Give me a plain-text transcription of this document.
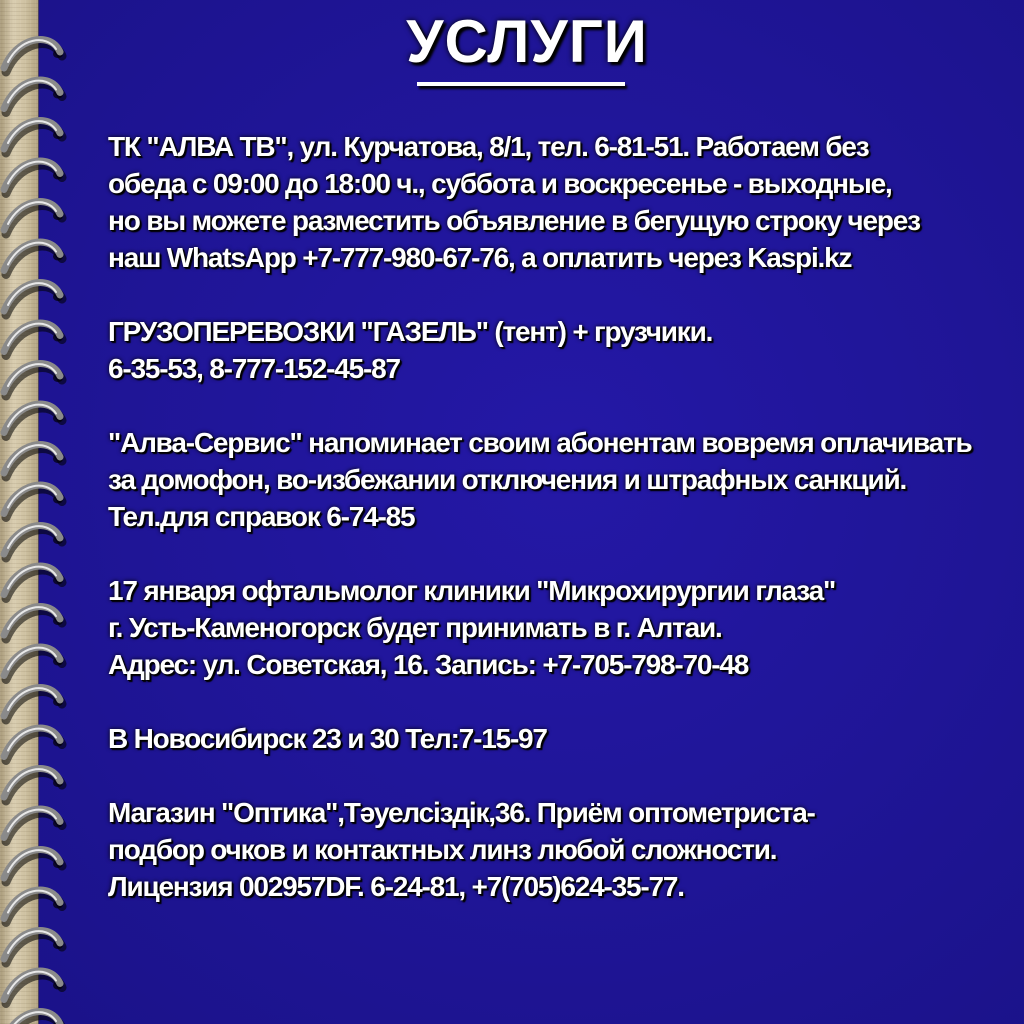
УСЛУГИ
ТК "АЛВА ТВ", ул. Курчатова, 8/1, тел. 6-81-51. Работаем без
обеда с 09:00 до 18:00 ч., суббота и воскресенье - выходные,
но вы можете разместить объявление в бегущую строку через
наш WhatsApp +7-777-980-67-76, а оплатить через Kaspi.kz
ГРУЗОПЕРЕВОЗКИ "ГАЗЕЛЬ" (тент) + грузчики.
6-35-53, 8-777-152-45-87
"Алва-Сервис" напоминает своим абонентам вовремя оплачивать
за домофон, во-избежании отключения и штрафных санкций.
Тел.для справок 6-74-85
17 января офтальмолог клиники "Микрохирургии глаза"
г. Усть-Каменогорск будет принимать в г. Алтаи.
Адрес: ул. Советская, 16. Запись: +7-705-798-70-48
В Новосибирск 23 и 30 Тел:7-15-97
Магазин "Оптика",Тәуелсіздік,36. Приём оптометриста-
подбор очков и контактных линз любой сложности.
Лицензия 002957DF. 6-24-81, +7(705)624-35-77.
